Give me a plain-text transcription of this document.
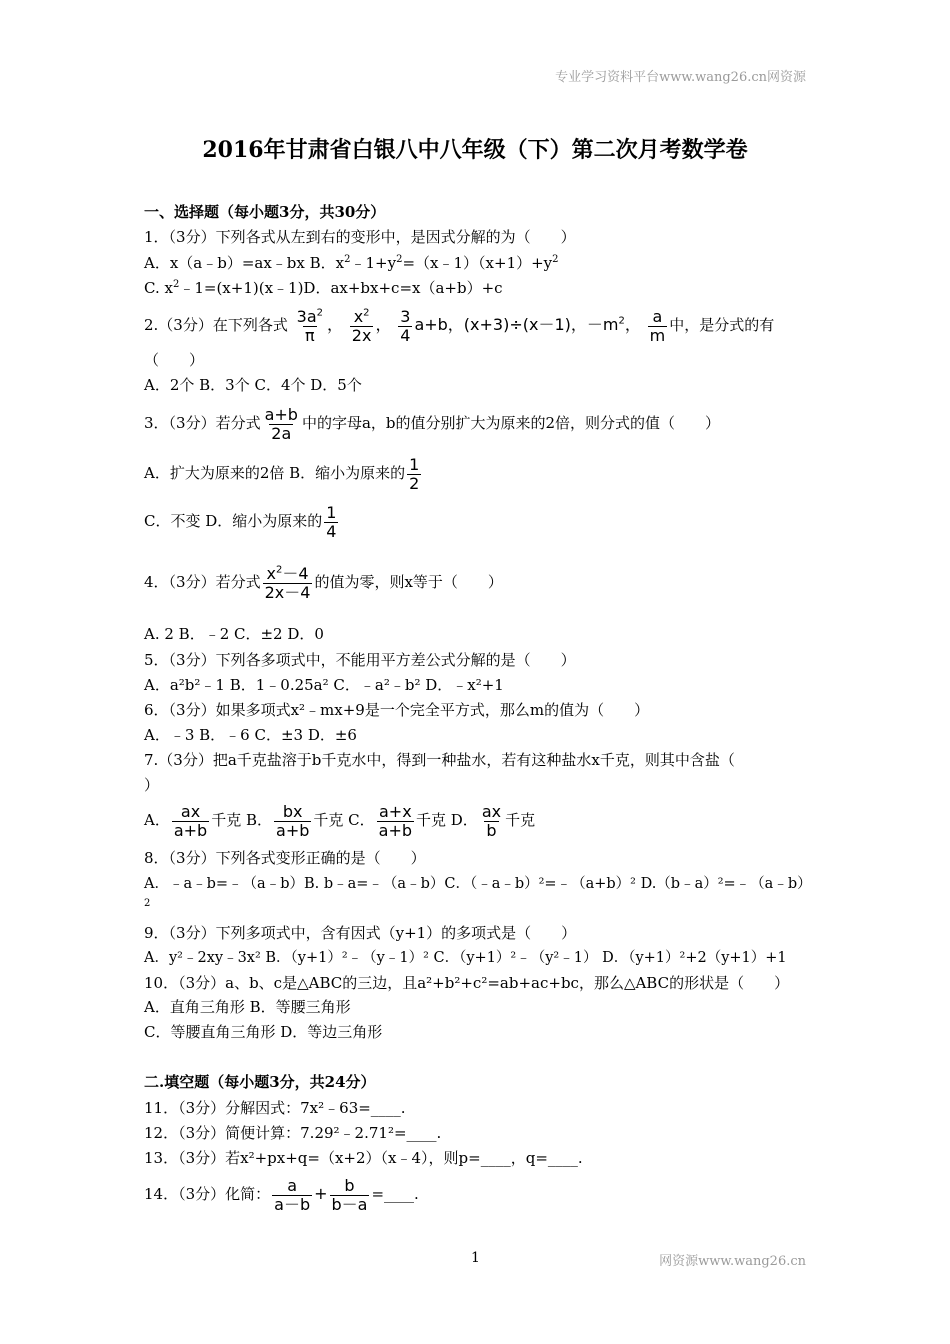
专业学习资料平台www.wang26.cn网资源
2016年甘肃省白银八中八年级（下）第二次月考数学卷
一、选择题（每小题3分，共30分）
1．（3分）下列各式从左到右的变形中，是因式分解的为（　　）
A．x（a﹣b）=ax﹣bx B．$x^2﹣1+y^2=(x﹣1)(x+1)+y^2$
C. $x^2﹣1=(x+1)(x﹣1)D$．ax+bx+c=x（a+b）+c
2.（3分）在下列各式 $\frac{3a^2}{\pi}$ ， $\frac{x^2}{2x}$ ， $\frac{3}{4} a+b$，(x+3)÷(x－1)，$-m^2$， $\frac{a}{m}$ 中，是分式的有
（　　）
A．2个 B．3个 C．4个 D．5个
3．（3分）若分式 $\frac{a+b}{2a}$ 中的字母a，b的值分别扩大为原来的2倍，则分式的值（　　）
A．扩大为原来的2倍 B．缩小为原来的 $\frac{1}{2}$
C．不变 D．缩小为原来的 $\frac{1}{4}$
4．（3分）若分式 $\frac{x^2-4}{2x-4}$ 的值为零，则x等于（　　）
A. 2 B．﹣2 C．±2 D．0
5．（3分）下列各多项式中，不能用平方差公式分解的是（　　）
A．a²b²﹣1 B．1﹣0.25a² C．﹣a²﹣b² D．﹣x²+1
6．（3分）如果多项式x²﹣mx+9是一个完全平方式，那么m的值为（　　）
A．﹣3 B．﹣6 C．±3 D．±6
7.（3分）把a千克盐溶于b千克水中，得到一种盐水，若有这种盐水x千克，则其中含盐（
）
A． $\frac{ax}{a+b}$ 千克 B． $\frac{bx}{a+b}$ 千克 C． $\frac{a+x}{a+b}$ 千克 D． $\frac{ax}{b}$ 千克
8．（3分）下列各式变形正确的是（　　）
A．﹣a﹣b=﹣（a﹣b）B. b﹣a=﹣（a﹣b）C．（﹣a﹣b）²=﹣（a+b）² D.（b﹣a）²=﹣（a﹣b）
2
9．（3分）下列多项式中，含有因式（y+1）的多项式是（　　）
A．y²﹣2xy﹣3x² B．（y+1）²﹣（y﹣1）² C．（y+1）²﹣（y²﹣1） D．（y+1）²+2（y+1）+1
10．（3分）a、b、c是△ABC的三边，且a²+b²+c²=ab+ac+bc，那么△ABC的形状是（　　）
A．直角三角形 B．等腰三角形
C．等腰直角三角形 D．等边三角形
二.填空题（每小题3分，共24分）
11．（3分）分解因式：7x²﹣63=____.
12．（3分）简便计算：7.29²﹣2.71²=____.
13．（3分）若x²+px+q=（x+2）（x﹣4），则p=____，q=____.
14．（3分）化简： $\frac{a}{a-b} + \frac{b}{b-a}$ =____.
1	网资源www.wang26.cn
